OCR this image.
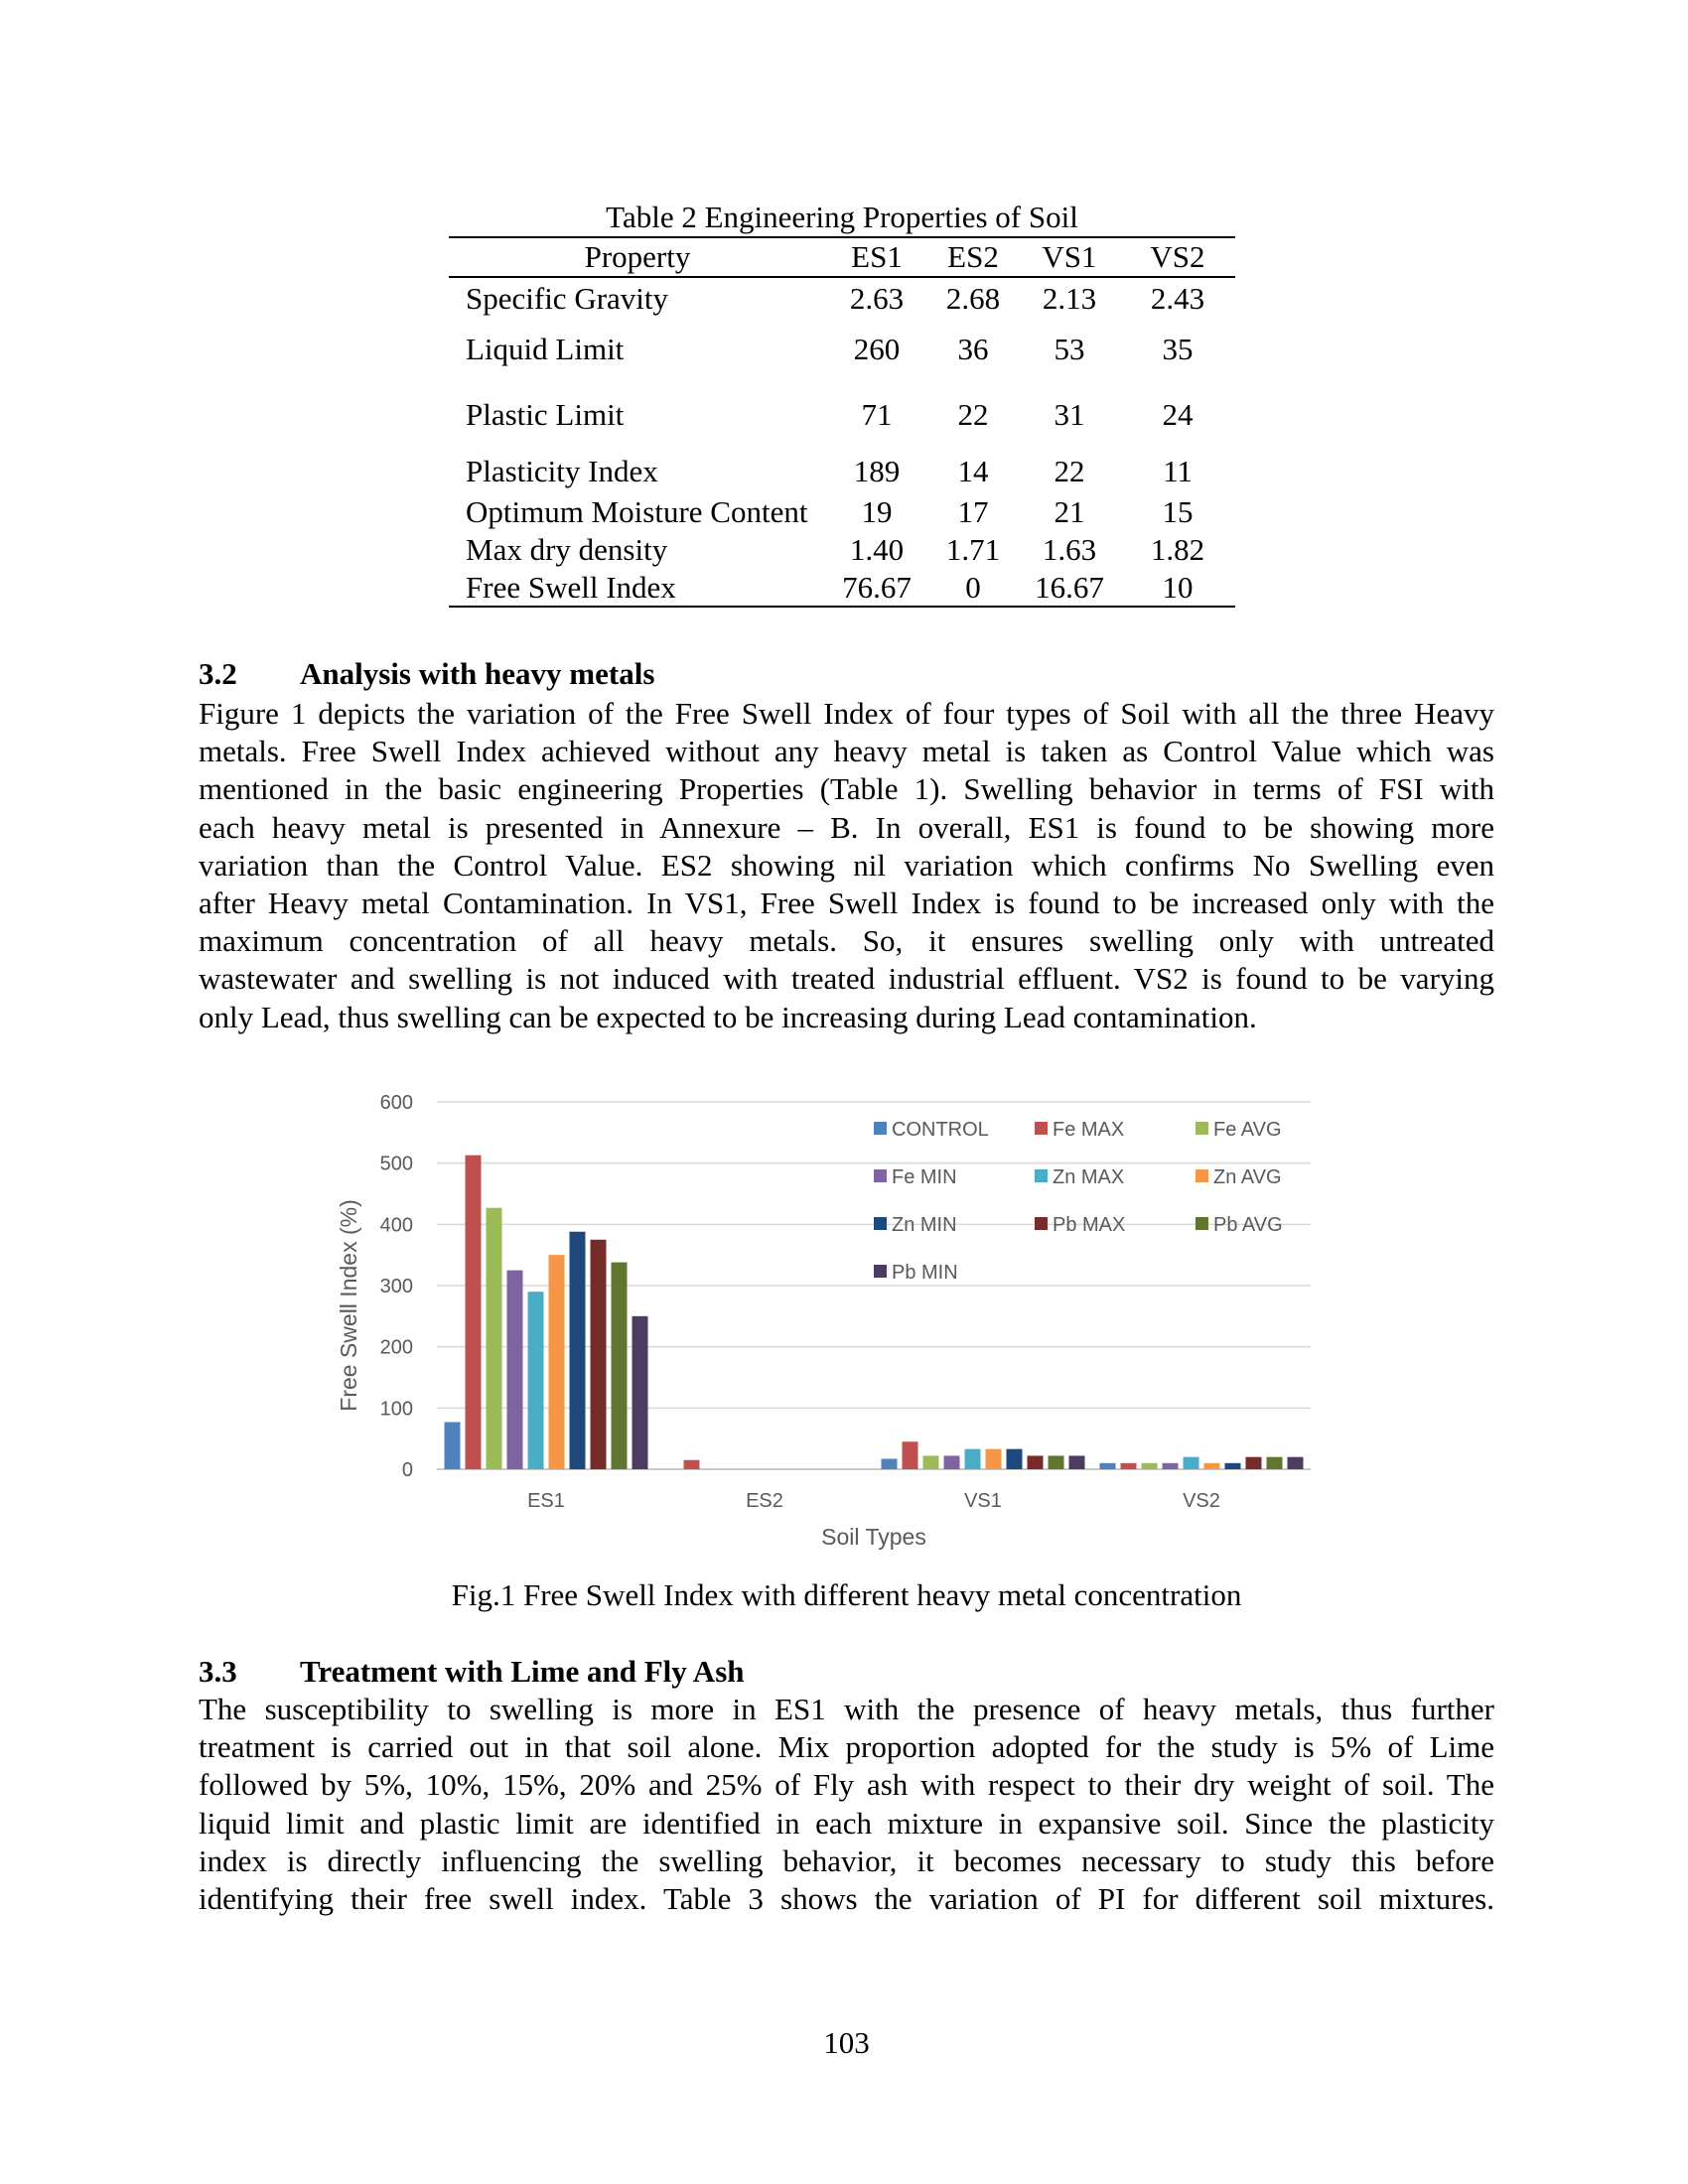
Table 2 Engineering Properties of Soil
Property	ES1	ES2	VS1	VS2
Specific Gravity	2.63	2.68	2.13	2.43
Liquid Limit	260	36	53	35
Plastic Limit	71	22	31	24
Plasticity Index	189	14	22	11
Optimum Moisture Content	19	17	21	15
Max dry density	1.40	1.71	1.63	1.82
Free Swell Index	76.67	0	16.67	10
3.2 Analysis with heavy metals
Figure 1 depicts the variation of the Free Swell Index of four types of Soil with all the three Heavy
metals. Free Swell Index achieved without any heavy metal is taken as Control Value which was
mentioned in the basic engineering Properties (Table 1). Swelling behavior in terms of FSI with
each heavy metal is presented in Annexure – B. In overall, ES1 is found to be showing more
variation than the Control Value. ES2 showing nil variation which confirms No Swelling even
after Heavy metal Contamination. In VS1, Free Swell Index is found to be increased only with the
maximum concentration of all heavy metals. So, it ensures swelling only with untreated
wastewater and swelling is not induced with treated industrial effluent. VS2 is found to be varying
only Lead, thus swelling can be expected to be increasing during Lead contamination.
0
100
200
300
400
500
600
ES1	ES2	VS1	VS2
Soil Types
Free Swell Index (%)
CONTROL	Fe MAX	Fe AVG
Fe MIN	Zn MAX	Zn AVG
Zn MIN	Pb MAX	Pb AVG
Pb MIN
Fig.1 Free Swell Index with different heavy metal concentration
3.3 Treatment with Lime and Fly Ash
The susceptibility to swelling is more in ES1 with the presence of heavy metals, thus further
treatment is carried out in that soil alone. Mix proportion adopted for the study is 5% of Lime
followed by 5%, 10%, 15%, 20% and 25% of Fly ash with respect to their dry weight of soil. The
liquid limit and plastic limit are identified in each mixture in expansive soil. Since the plasticity
index is directly influencing the swelling behavior, it becomes necessary to study this before
identifying their free swell index. Table 3 shows the variation of PI for different soil mixtures.
103
